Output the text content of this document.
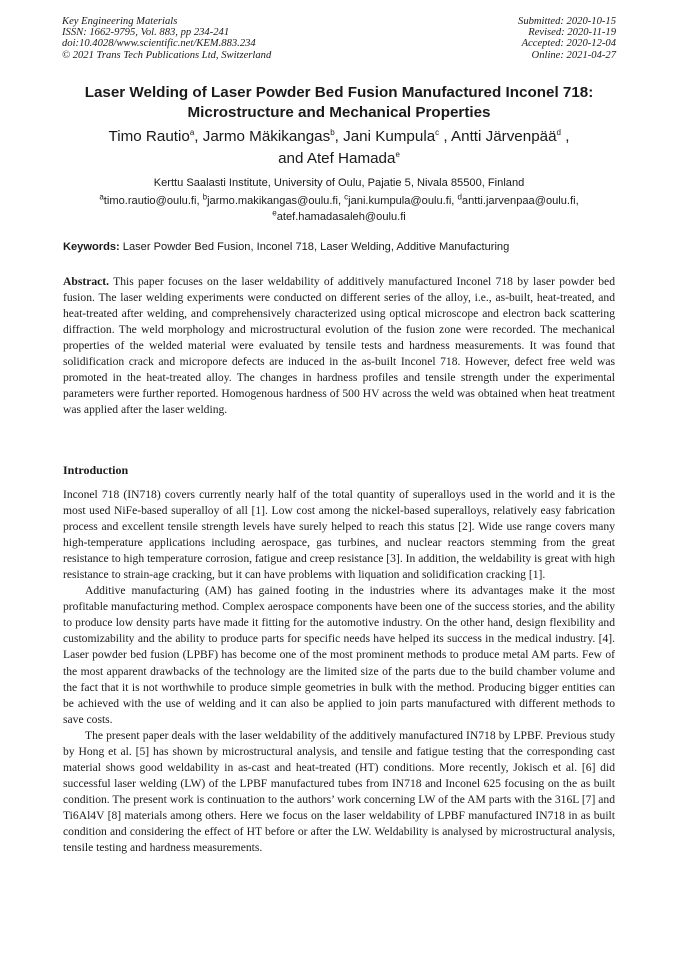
Key Engineering Materials
ISSN: 1662-9795, Vol. 883, pp 234-241
doi:10.4028/www.scientific.net/KEM.883.234
© 2021 Trans Tech Publications Ltd, Switzerland
Submitted: 2020-10-15
Revised: 2020-11-19
Accepted: 2020-12-04
Online: 2021-04-27
Laser Welding of Laser Powder Bed Fusion Manufactured Inconel 718:
Microstructure and Mechanical Properties
Timo Rautio$^a$, Jarmo Mäkikangas$^b$, Jani Kumpula$^c$ , Antti Järvenpää$^d$ ,
and Atef Hamada$^e$
Kerttu Saalasti Institute, University of Oulu, Pajatie 5, Nivala 85500, Finland
$^a$timo.rautio@oulu.fi, $^b$jarmo.makikangas@oulu.fi, $^c$jani.kumpula@oulu.fi, $^d$antti.jarvenpaa@oulu.fi,
$^e$atef.hamadasaleh@oulu.fi
Keywords: Laser Powder Bed Fusion, Inconel 718, Laser Welding, Additive Manufacturing
Abstract. This paper focuses on the laser weldability of additively manufactured Inconel 718 by laser powder bed fusion. The laser welding experiments were conducted on different series of the alloy, i.e., as-built, heat-treated, and heat-treated after welding, and comprehensively characterized using optical microscope and electron back scattering diffraction. The weld morphology and microstructural evolution of the fusion zone were recorded. The mechanical properties of the welded material were evaluated by tensile tests and hardness measurements. It was found that solidification crack and micropore defects are induced in the as-built Inconel 718. However, defect free weld was promoted in the heat-treated alloy. The changes in hardness profiles and tensile strength under the experimental parameters were further reported. Homogenous hardness of 500 HV across the weld was obtained when heat treatment was applied after the laser welding.
Introduction

Inconel 718 (IN718) covers currently nearly half of the total quantity of superalloys used in the world and it is the most used NiFe-based superalloy of all [1]. Low cost among the nickel-based superalloys, relatively easy fabrication process and excellent tensile strength levels have surely helped to reach this status [2]. Wide use range covers many high-temperature applications including aerospace, gas turbines, and nuclear reactors stemming from the great resistance to high temperature corrosion, fatigue and creep resistance [3]. In addition, the weldability is great with high resistance to strain-age cracking, but it can have problems with liquation and solidification cracking [1].

Additive manufacturing (AM) has gained footing in the industries where its advantages make it the most profitable manufacturing method. Complex aerospace components have been one of the success stories, and the ability to produce low density parts have made it fitting for the automotive industry. On the other hand, design flexibility and customizability and the ability to produce parts for specific needs have helped its success in the medical industry. [4]. Laser powder bed fusion (LPBF) has become one of the most prominent methods to produce metal AM parts. Few of the most apparent drawbacks of the technology are the limited size of the parts due to the build chamber volume and the fact that it is not worthwhile to produce simple geometries in bulk with the method. Producing bigger entities can be achieved with the use of welding and it can also be applied to join parts manufactured with different methods to save costs.

The present paper deals with the laser weldability of the additively manufactured IN718 by LPBF. Previous study by Hong et al. [5] has shown by microstructural analysis, and tensile and fatigue testing that the corresponding cast material shows good weldability in as-cast and heat-treated (HT) conditions. More recently, Jokisch et al. [6] did successful laser welding (LW) of the LPBF manufactured tubes from IN718 and Inconel 625 focusing on the as built condition. The present work is continuation to the authors’ work concerning LW of the AM parts with the 316L [7] and Ti6Al4V [8] materials among others. Here we focus on the laser weldability of LPBF manufactured IN718 in as built condition and considering the effect of HT before or after the LW. Weldability is analysed by microstructural analysis, tensile testing and hardness measurements.
